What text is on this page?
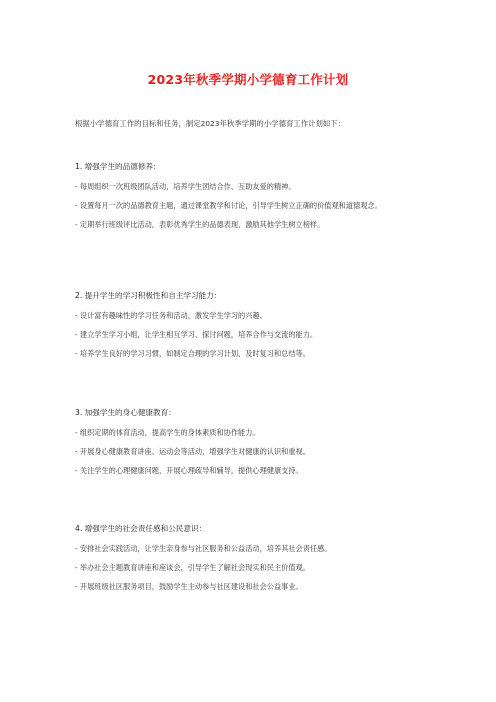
2023年秋季学期小学德育工作计划
根据小学德育工作的目标和任务，制定2023年秋季学期的小学德育工作计划如下：
1. 增强学生的品德修养：
- 每周组织一次班级团队活动，培养学生团结合作、互助友爱的精神。
- 设置每月一次的品德教育主题，通过课堂教学和讨论，引导学生树立正确的价值观和道德观念。
- 定期举行班级评比活动，表彰优秀学生的品德表现，激励其他学生树立榜样。
2. 提升学生的学习积极性和自主学习能力：
- 设计富有趣味性的学习任务和活动，激发学生学习的兴趣。
- 建立学生学习小组，让学生相互学习、探讨问题，培养合作与交流的能力。
- 培养学生良好的学习习惯，如制定合理的学习计划、及时复习和总结等。
3. 加强学生的身心健康教育：
- 组织定期的体育活动，提高学生的身体素质和协作能力。
- 开展身心健康教育讲座、运动会等活动，增强学生对健康的认识和重视。
- 关注学生的心理健康问题，开展心理疏导和辅导，提供心理健康支持。
4. 增强学生的社会责任感和公民意识：
- 安排社会实践活动，让学生亲身参与社区服务和公益活动，培养其社会责任感。
- 举办社会主题教育讲座和座谈会，引导学生了解社会现实和民主价值观。
- 开展班级社区服务项目，鼓励学生主动参与社区建设和社会公益事业。
